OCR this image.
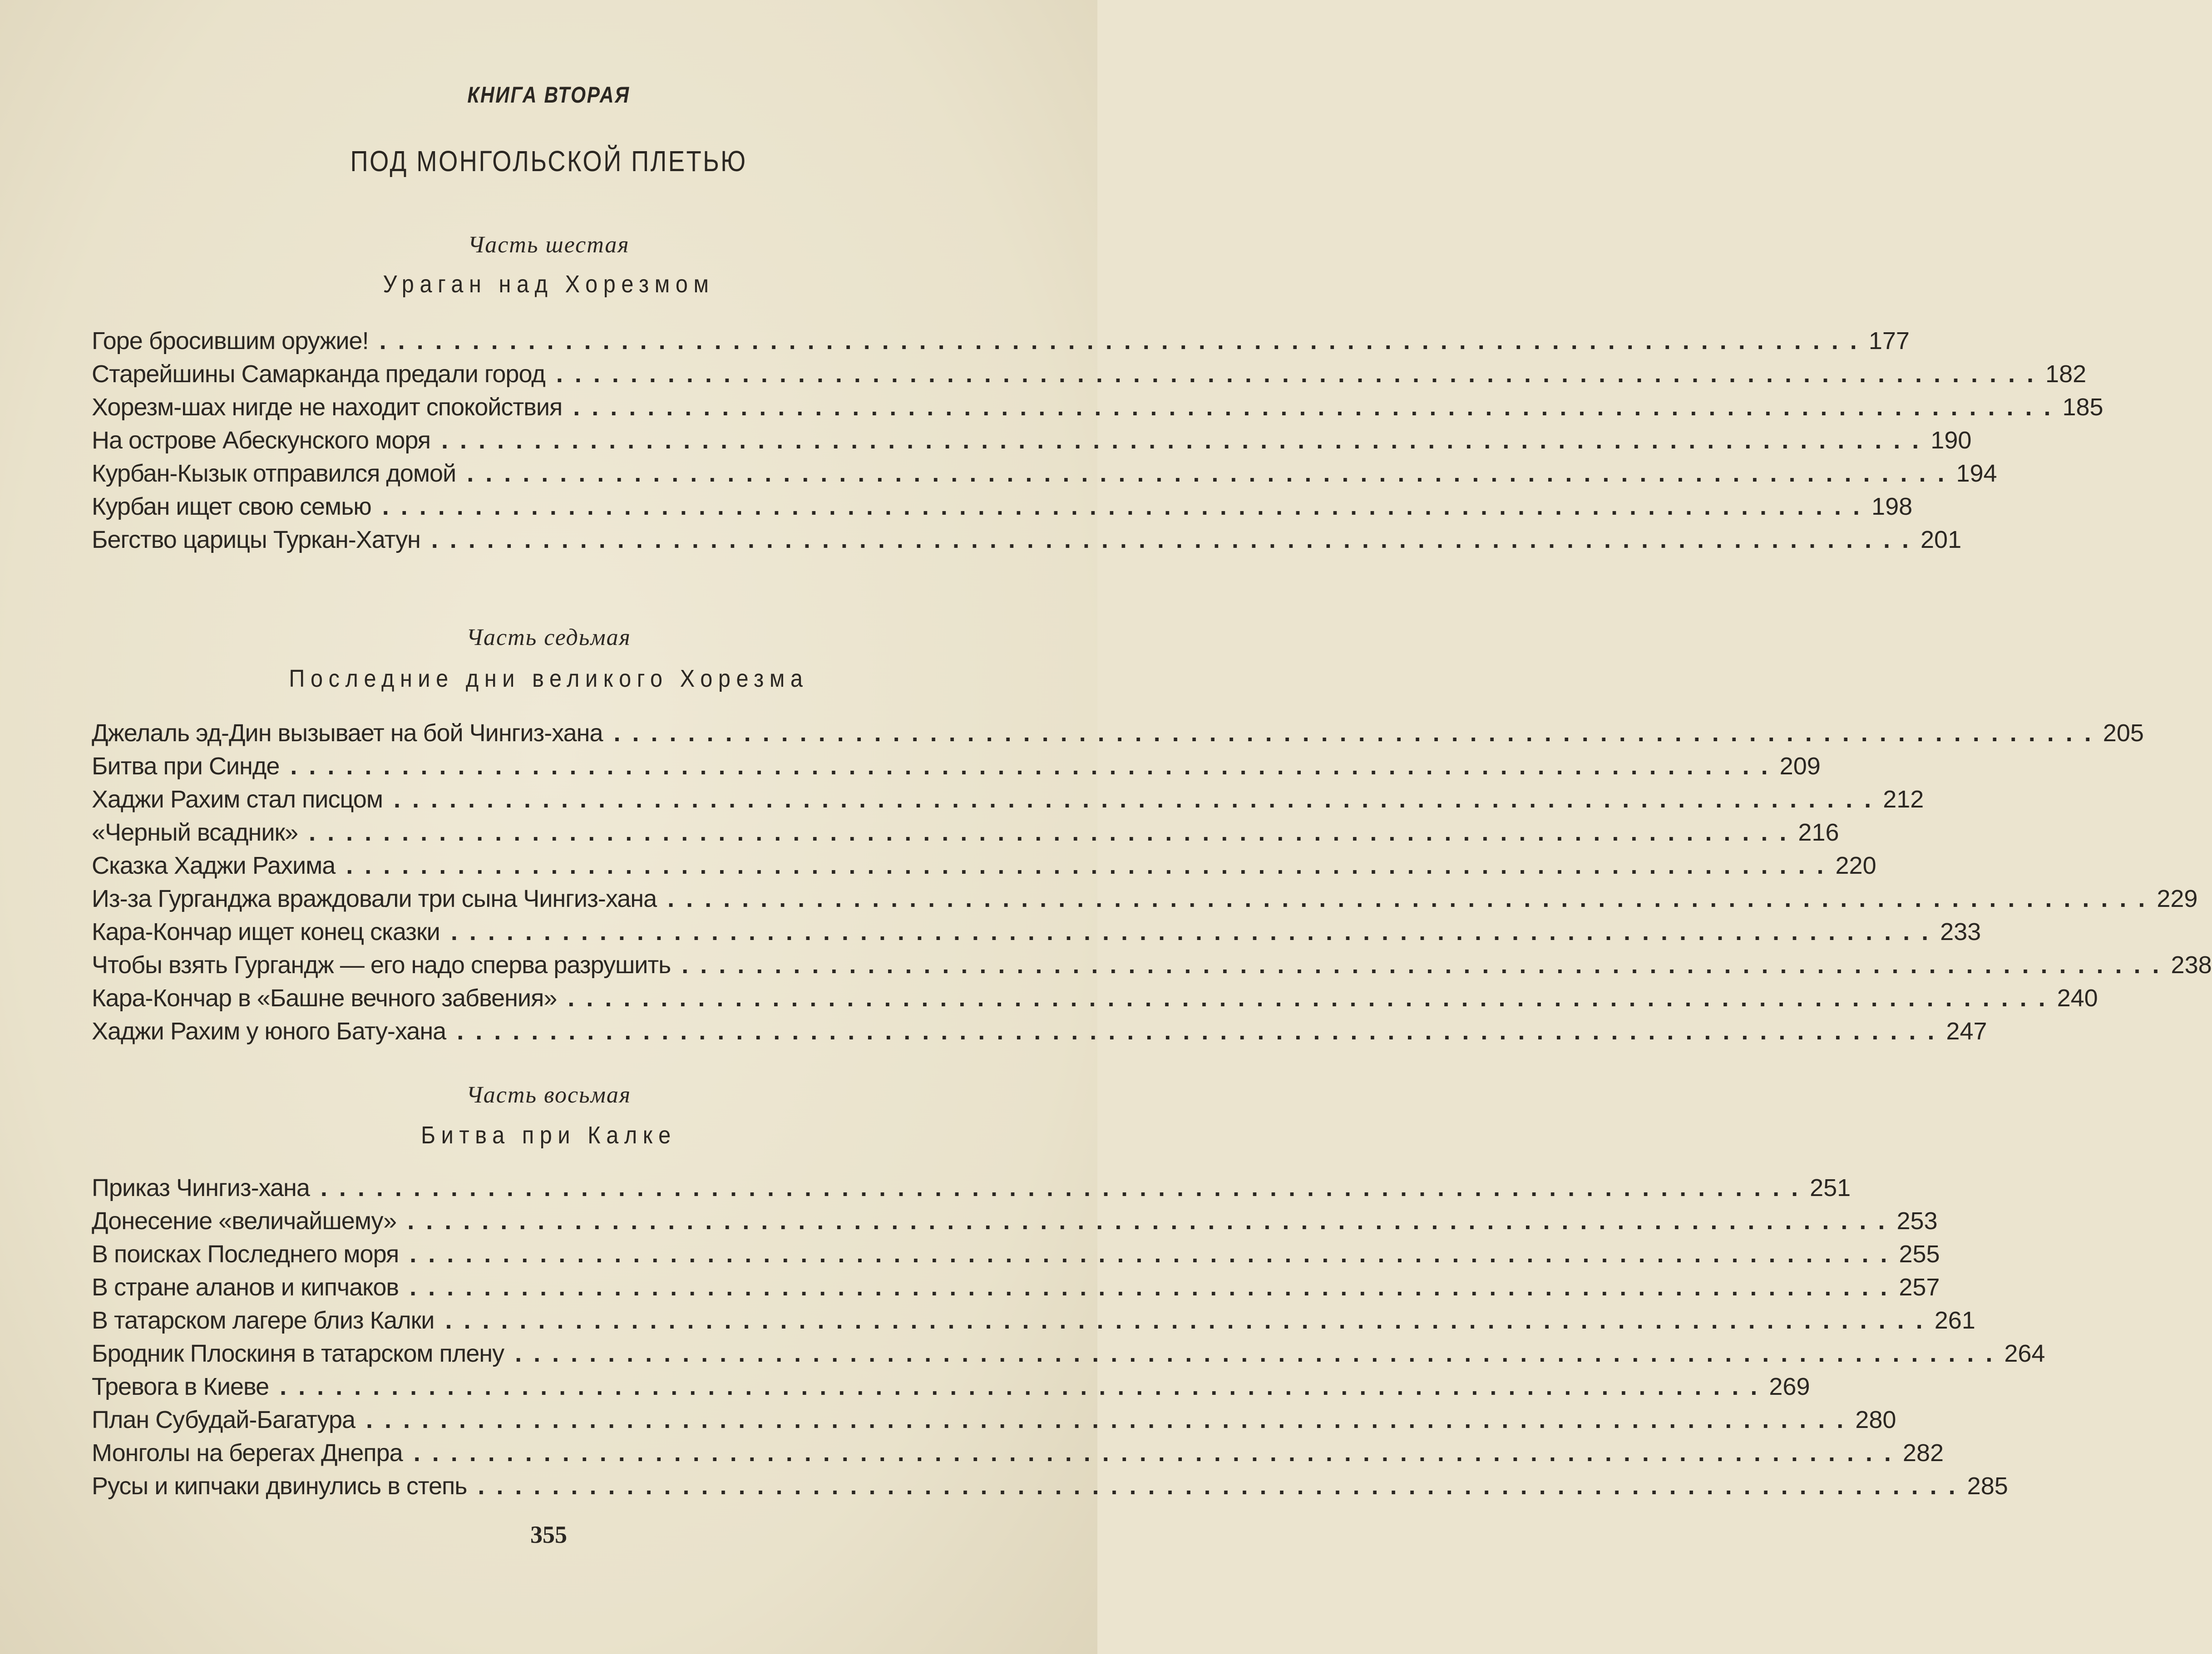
КНИГА ВТОРАЯ
ПОД МОНГОЛЬСКОЙ ПЛЕТЬЮ
Часть шестая
Ураган над Хорезмом
Горе бросившим оружие! ................................................................................ 177
Старейшины Самарканда предали город ................................................................................ 182
Хорезм-шах нигде не находит спокойствия ................................................................................ 185
На острове Абескунского моря ................................................................................ 190
Курбан-Кызык отправился домой ................................................................................ 194
Курбан ищет свою семью ................................................................................ 198
Бегство царицы Туркан-Хатун ................................................................................ 201
Часть седьмая
Последние дни великого Хорезма
Джелаль эд-Дин вызывает на бой Чингиз-хана ................................................................................ 205
Битва при Синде ................................................................................ 209
Хаджи Рахим стал писцом ................................................................................ 212
«Черный всадник» ................................................................................ 216
Сказка Хаджи Рахима ................................................................................ 220
Из-за Гурганджа враждовали три сына Чингиз-хана ................................................................................ 229
Кара-Кончар ищет конец сказки ................................................................................ 233
Чтобы взять Гургандж — его надо сперва разрушить ................................................................................ 238
Кара-Кончар в «Башне вечного забвения» ................................................................................ 240
Хаджи Рахим у юного Бату-хана ................................................................................ 247
Часть восьмая
Битва при Калке
Приказ Чингиз-хана ................................................................................ 251
Донесение «величайшему» ................................................................................ 253
В поисках Последнего моря ................................................................................ 255
В стране аланов и кипчаков ................................................................................ 257
В татарском лагере близ Калки ................................................................................ 261
Бродник Плоскиня в татарском плену ................................................................................ 264
Тревога в Киеве ................................................................................ 269
План Субудай-Багатура ................................................................................ 280
Монголы на берегах Днепра ................................................................................ 282
Русы и кипчаки двинулись в степь ................................................................................ 285
355
